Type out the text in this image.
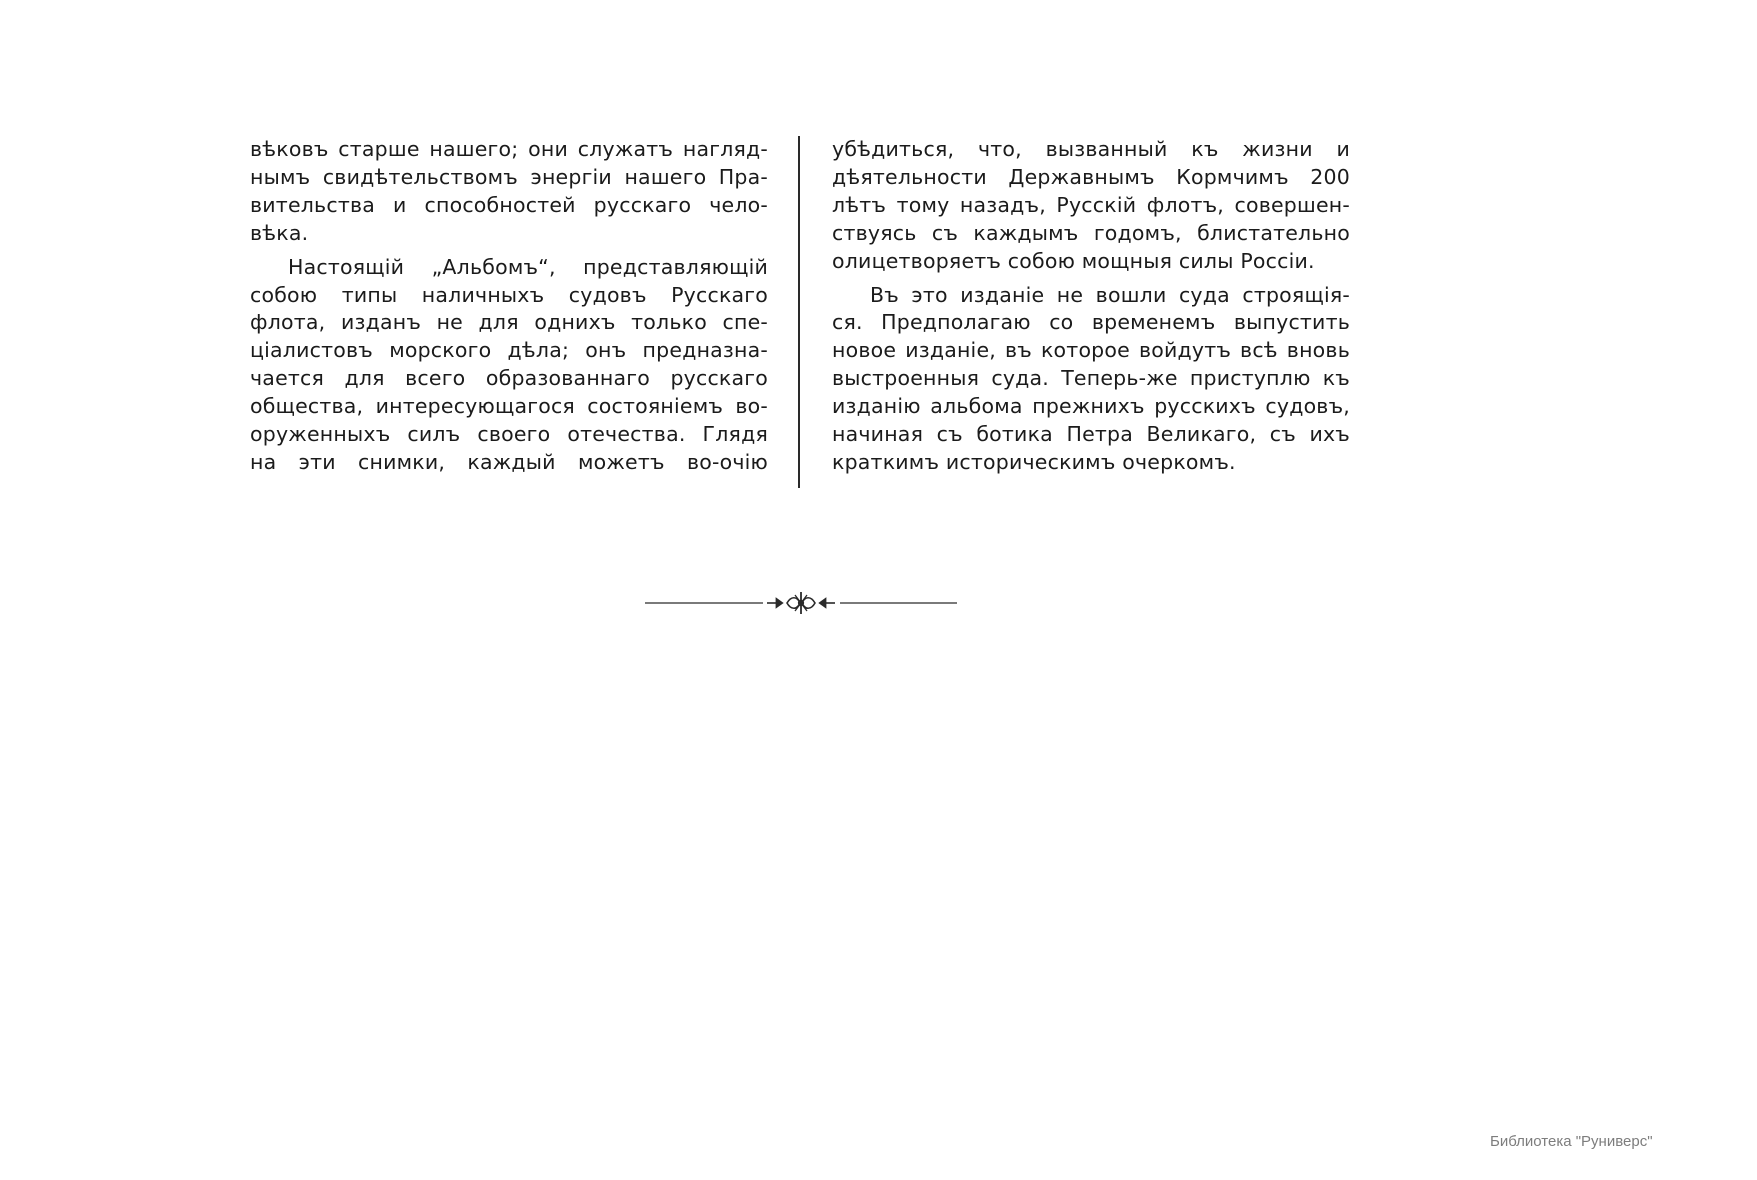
вѣковъ старше нашего; они служатъ нагляд-
нымъ свидѣтельствомъ энергіи нашего Пра-
вительства и способностей русскаго чело-
вѣка.

Настоящій „Альбомъ“, представляющій
собою типы наличныхъ судовъ Русскаго
флота, изданъ не для однихъ только спе-
ціалистовъ морского дѣла; онъ предназна-
чается для всего образованнаго русскаго
общества, интересующагося состояніемъ во-
оруженныхъ силъ своего отечества. Глядя
на эти снимки, каждый можетъ во-очію

убѣдиться, что, вызванный къ жизни и
дѣятельности Державнымъ Кормчимъ 200
лѣтъ тому назадъ, Русскій флотъ, совершен-
ствуясь съ каждымъ годомъ, блистательно
олицетворяетъ собою мощныя силы Россіи.

Въ это изданіе не вошли суда строящія-
ся. Предполагаю со временемъ выпустить
новое изданіе, въ которое войдутъ всѣ вновь
выстроенныя суда. Теперь-же приступлю къ
изданію альбома прежнихъ русскихъ судовъ,
начиная съ ботика Петра Великаго, съ ихъ
краткимъ историческимъ очеркомъ.

Библиотека "Руниверс"
